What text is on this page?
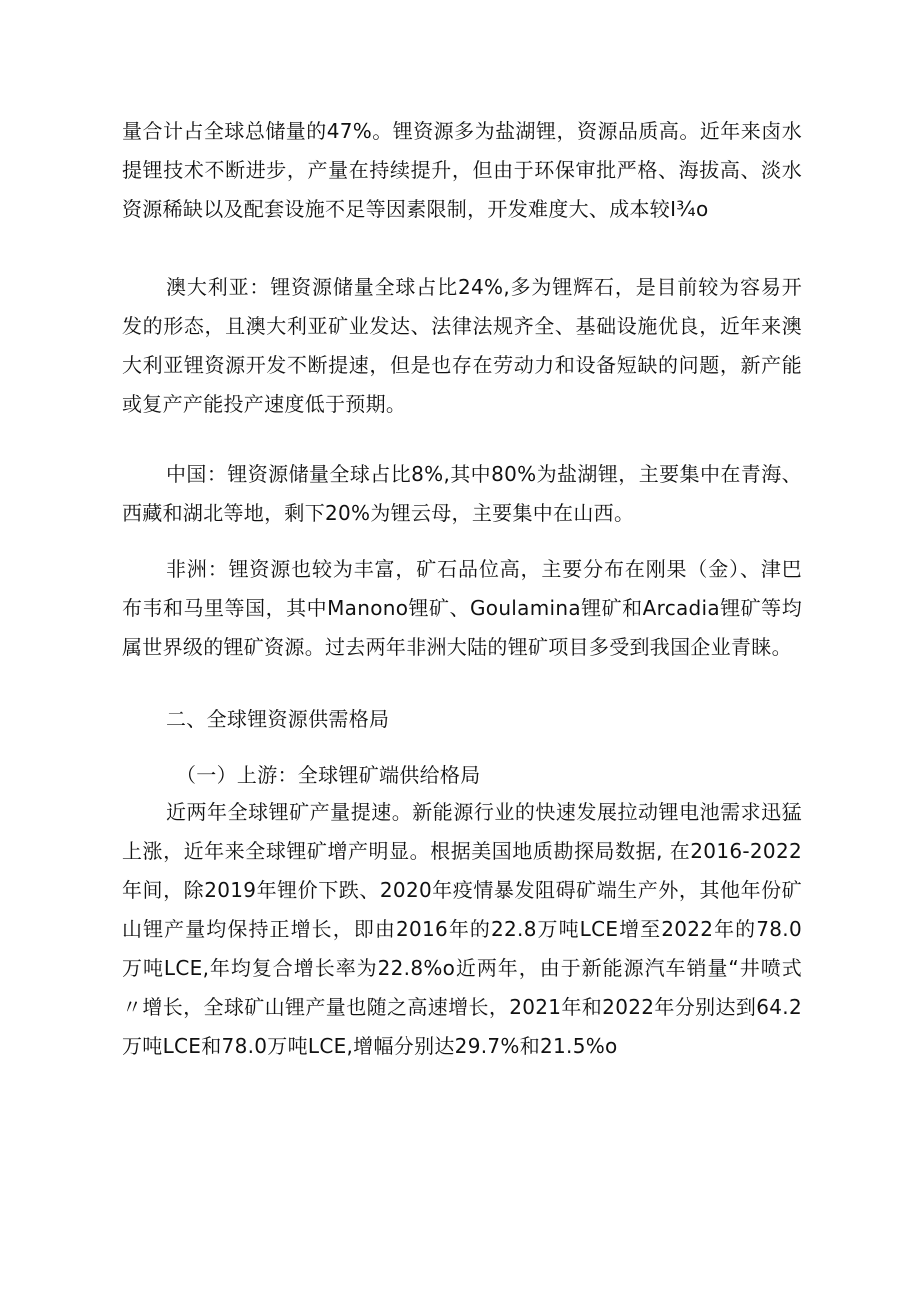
量合计占全球总储量的47%。锂资源多为盐湖锂，资源品质高。近年来卤水提锂技术不断进步，产量在持续提升，但由于环保审批严格、海拔高、淡水资源稀缺以及配套设施不足等因素限制，开发难度大、成本较I¾o

澳大利亚：锂资源储量全球占比24%,多为锂辉石，是目前较为容易开发的形态，且澳大利亚矿业发达、法律法规齐全、基础设施优良，近年来澳大利亚锂资源开发不断提速，但是也存在劳动力和设备短缺的问题，新产能或复产产能投产速度低于预期。

中国：锂资源储量全球占比8%,其中80%为盐湖锂，主要集中在青海、西藏和湖北等地，剩下20%为锂云母，主要集中在山西。

非洲：锂资源也较为丰富，矿石品位高，主要分布在刚果（金）、津巴布韦和马里等国，其中Manono锂矿、Goulamina锂矿和Arcadia锂矿等均属世界级的锂矿资源。过去两年非洲大陆的锂矿项目多受到我国企业青睐。

二、全球锂资源供需格局

（一）上游：全球锂矿端供给格局

近两年全球锂矿产量提速。新能源行业的快速发展拉动锂电池需求迅猛上涨，近年来全球锂矿增产明显。根据美国地质勘探局数据, 在2016-2022年间，除2019年锂价下跌、2020年疫情暴发阻碍矿端生产外，其他年份矿山锂产量均保持正增长，即由2016年的22.8万吨LCE增至2022年的78.0万吨LCE,年均复合增长率为22.8%o近两年，由于新能源汽车销量“井喷式〃增长，全球矿山锂产量也随之高速增长，2021年和2022年分别达到64.2万吨LCE和78.0万吨LCE,增幅分别达29.7%和21.5%o
